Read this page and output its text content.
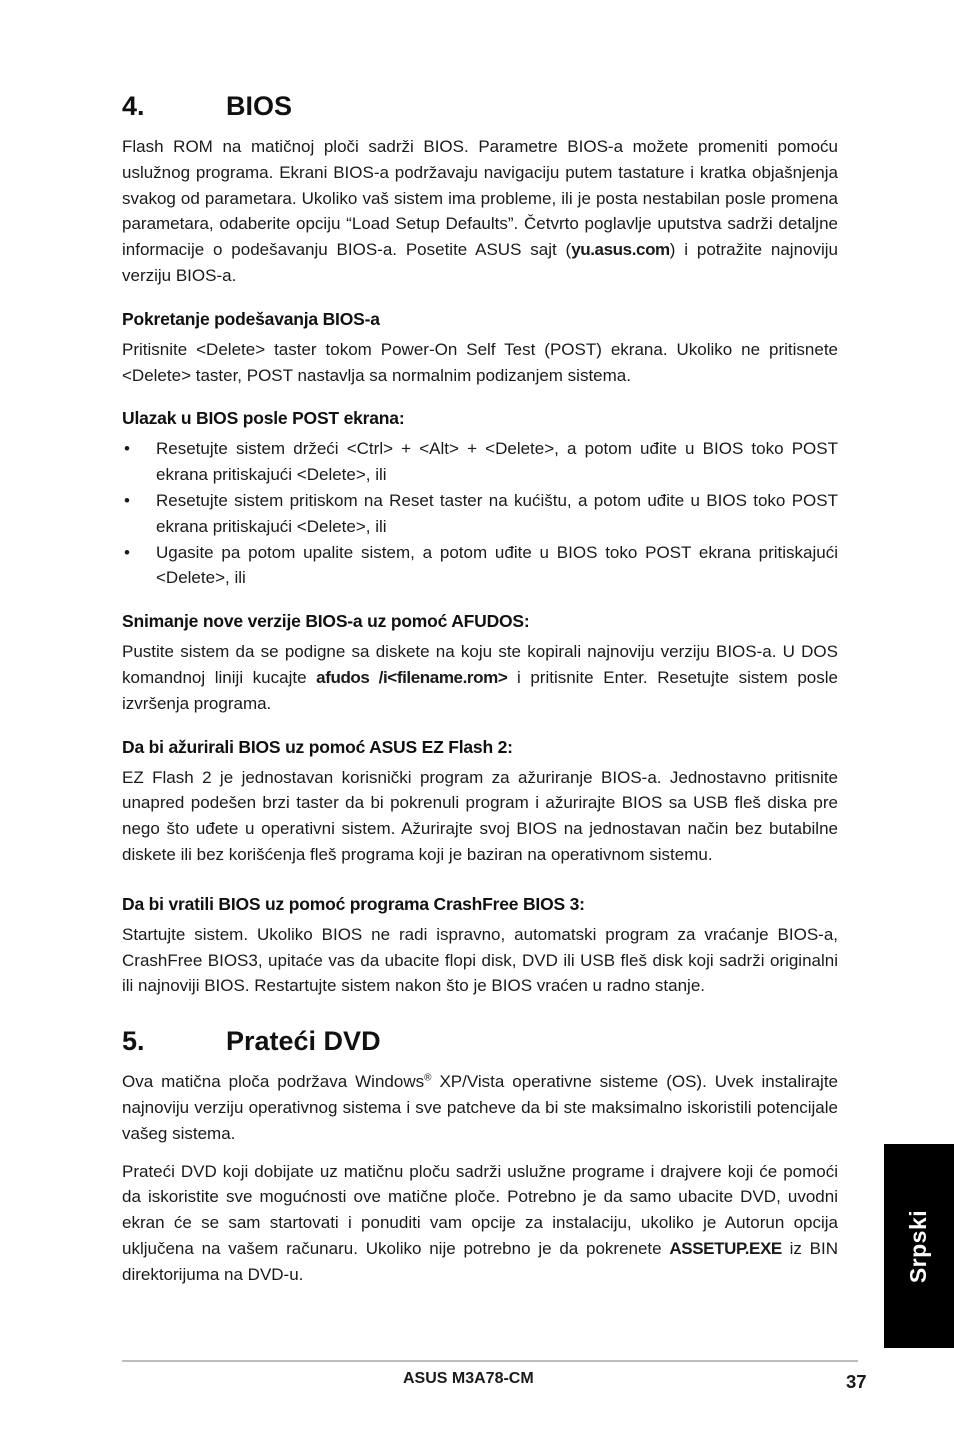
4.	BIOS

Flash ROM na matičnoj ploči sadrži BIOS. Parametre BIOS-a možete promeniti pomoću uslužnog programa. Ekrani BIOS-a podržavaju navigaciju putem tastature i kratka objašnjenja svakog od parametara. Ukoliko vaš sistem ima probleme, ili je posta nestabilan posle promena parametara, odaberite opciju “Load Setup Defaults”. Četvrto poglavlje uputstva sadrži detaljne informacije o podešavanju BIOS-a. Posetite ASUS sajt (yu.asus.com) i potražite najnoviju verziju BIOS-a.

Pokretanje podešavanja BIOS-a

Pritisnite <Delete> taster tokom Power-On Self Test (POST) ekrana. Ukoliko ne pritisnete <Delete> taster, POST nastavlja sa normalnim podizanjem sistema.

Ulazak u BIOS posle POST ekrana:
• Resetujte sistem držeći <Ctrl> + <Alt> + <Delete>, a potom uđite u BIOS toko POST ekrana pritiskajući <Delete>, ili
• Resetujte sistem pritiskom na Reset taster na kućištu, a potom uđite u BIOS toko POST ekrana pritiskajući <Delete>, ili
• Ugasite pa potom upalite sistem, a potom uđite u BIOS toko POST ekrana pritiskajući <Delete>, ili
Snimanje nove verzije BIOS-a uz pomoć AFUDOS:

Pustite sistem da se podigne sa diskete na koju ste kopirali najnoviju verziju BIOS-a. U DOS komandnoj liniji kucajte afudos /i<filename.rom> i pritisnite Enter. Resetujte sistem posle izvršenja programa.

Da bi ažurirali BIOS uz pomoć ASUS EZ Flash 2:

EZ Flash 2 je jednostavan korisnički program za ažuriranje BIOS-a. Jednostavno pritisnite unapred podešen brzi taster da bi pokrenuli program i ažurirajte BIOS sa USB fleš diska pre nego što uđete u operativni sistem. Ažurirajte svoj BIOS na jednostavan način bez butabilne diskete ili bez korišćenja fleš programa koji je baziran na operativnom sistemu.

Da bi vratili BIOS uz pomoć programa CrashFree BIOS 3:

Startujte sistem. Ukoliko BIOS ne radi ispravno, automatski program za vraćanje BIOS-a, CrashFree BIOS3, upitaće vas da ubacite flopi disk, DVD ili USB fleš disk koji sadrži originalni ili najnoviji BIOS. Restartujte sistem nakon što je BIOS vraćen u radno stanje.

5.	Prateći DVD

Ova matična ploča podržava Windows® XP/Vista operativne sisteme (OS). Uvek instalirajte najnoviju verziju operativnog sistema i sve patcheve da bi ste maksimalno iskoristili potencijale vašeg sistema.

Prateći DVD koji dobijate uz matičnu ploču sadrži uslužne programe i drajvere koji će pomoći da iskoristite sve mogućnosti ove matične ploče. Potrebno je da samo ubacite DVD, uvodni ekran će se sam startovati i ponuditi vam opcije za instalaciju, ukoliko je Autorun opcija uključena na vašem računaru. Ukoliko nije potrebno je da pokrenete ASSETUP.EXE iz BIN direktorijuma na DVD-u.	Srpski
ASUS M3A78-CM	37
